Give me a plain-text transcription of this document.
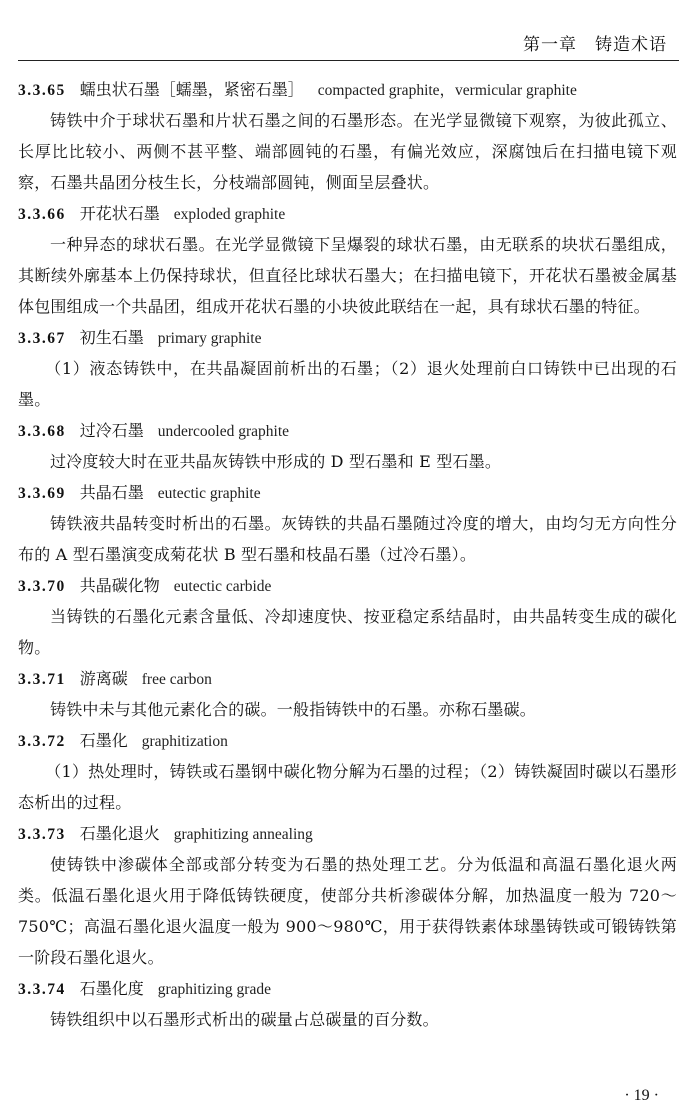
第一章　铸造术语
3.3.65 蠕虫状石墨［蠕墨，紧密石墨］ compacted graphite，vermicular graphite

铸铁中介于球状石墨和片状石墨之间的石墨形态。在光学显微镜下观察，为彼此孤立、长厚比比较小、两侧不甚平整、端部圆钝的石墨，有偏光效应，深腐蚀后在扫描电镜下观察，石墨共晶团分枝生长，分枝端部圆钝，侧面呈层叠状。

3.3.66 开花状石墨 exploded graphite

一种异态的球状石墨。在光学显微镜下呈爆裂的球状石墨，由无联系的块状石墨组成，其断续外廓基本上仍保持球状，但直径比球状石墨大；在扫描电镜下，开花状石墨被金属基体包围组成一个共晶团，组成开花状石墨的小块彼此联结在一起，具有球状石墨的特征。

3.3.67 初生石墨 primary graphite

（1）液态铸铁中，在共晶凝固前析出的石墨；（2）退火处理前白口铸铁中已出现的石墨。

3.3.68 过冷石墨 undercooled graphite

过冷度较大时在亚共晶灰铸铁中形成的 D 型石墨和 E 型石墨。

3.3.69 共晶石墨 eutectic graphite

铸铁液共晶转变时析出的石墨。灰铸铁的共晶石墨随过冷度的增大，由均匀无方向性分布的 A 型石墨演变成菊花状 B 型石墨和枝晶石墨（过冷石墨）。

3.3.70 共晶碳化物 eutectic carbide

当铸铁的石墨化元素含量低、冷却速度快、按亚稳定系结晶时，由共晶转变生成的碳化物。

3.3.71 游离碳 free carbon

铸铁中未与其他元素化合的碳。一般指铸铁中的石墨。亦称石墨碳。

3.3.72 石墨化 graphitization

（1）热处理时，铸铁或石墨钢中碳化物分解为石墨的过程；（2）铸铁凝固时碳以石墨形态析出的过程。

3.3.73 石墨化退火 graphitizing annealing

使铸铁中渗碳体全部或部分转变为石墨的热处理工艺。分为低温和高温石墨化退火两类。低温石墨化退火用于降低铸铁硬度，使部分共析渗碳体分解，加热温度一般为 720～750℃；高温石墨化退火温度一般为 900～980℃，用于获得铁素体球墨铸铁或可锻铸铁第一阶段石墨化退火。

3.3.74 石墨化度 graphitizing grade

铸铁组织中以石墨形式析出的碳量占总碳量的百分数。

· 19 ·
